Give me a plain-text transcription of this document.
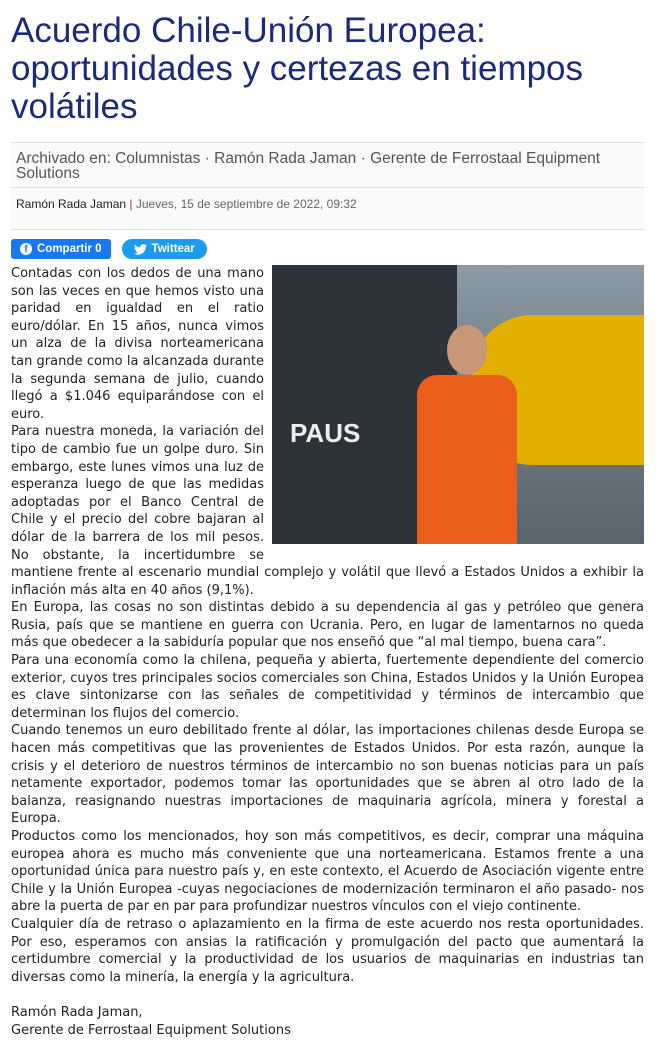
Acuerdo Chile-Unión Europea: oportunidades y certezas en tiempos volátiles
Archivado en: Columnistas · Ramón Rada Jaman · Gerente de Ferrostaal Equipment Solutions
Ramón Rada Jaman | Jueves, 15 de septiembre de 2022, 09:32
f Compartir 0	Twittear
PAUS

Contadas con los dedos de una mano son las veces en que hemos visto una paridad en igualdad en el ratio euro/dólar. En 15 años, nunca vimos un alza de la divisa norteamericana tan grande como la alcanzada durante la segunda semana de julio, cuando llegó a $1.046 equiparándose con el euro.

Para nuestra moneda, la variación del tipo de cambio fue un golpe duro. Sin embargo, este lunes vimos una luz de esperanza luego de que las medidas adoptadas por el Banco Central de Chile y el precio del cobre bajaran al dólar de la barrera de los mil pesos. No obstante, la incertidumbre se mantiene frente al escenario mundial complejo y volátil que llevó a Estados Unidos a exhibir la inflación más alta en 40 años (9,1%).

En Europa, las cosas no son distintas debido a su dependencia al gas y petróleo que genera Rusia, país que se mantiene en guerra con Ucrania. Pero, en lugar de lamentarnos no queda más que obedecer a la sabiduría popular que nos enseñó que “al mal tiempo, buena cara”.

Para una economía como la chilena, pequeña y abierta, fuertemente dependiente del comercio exterior, cuyos tres principales socios comerciales son China, Estados Unidos y la Unión Europea es clave sintonizarse con las señales de competitividad y términos de intercambio que determinan los flujos del comercio.

Cuando tenemos un euro debilitado frente al dólar, las importaciones chilenas desde Europa se hacen más competitivas que las provenientes de Estados Unidos. Por esta razón, aunque la crisis y el deterioro de nuestros términos de intercambio no son buenas noticias para un país netamente exportador, podemos tomar las oportunidades que se abren al otro lado de la balanza, reasignando nuestras importaciones de maquinaria agrícola, minera y forestal a Europa.

Productos como los mencionados, hoy son más competitivos, es decir, comprar una máquina europea ahora es mucho más conveniente que una norteamericana. Estamos frente a una oportunidad única para nuestro país y, en este contexto, el Acuerdo de Asociación vigente entre Chile y la Unión Europea -cuyas negociaciones de modernización terminaron el año pasado- nos abre la puerta de par en par para profundizar nuestros vínculos con el viejo continente.

Cualquier día de retraso o aplazamiento en la firma de este acuerdo nos resta oportunidades. Por eso, esperamos con ansias la ratificación y promulgación del pacto que aumentará la certidumbre comercial y la productividad de los usuarios de maquinarias en industrias tan diversas como la minería, la energía y la agricultura.

Ramón Rada Jaman,
Gerente de Ferrostaal Equipment Solutions
